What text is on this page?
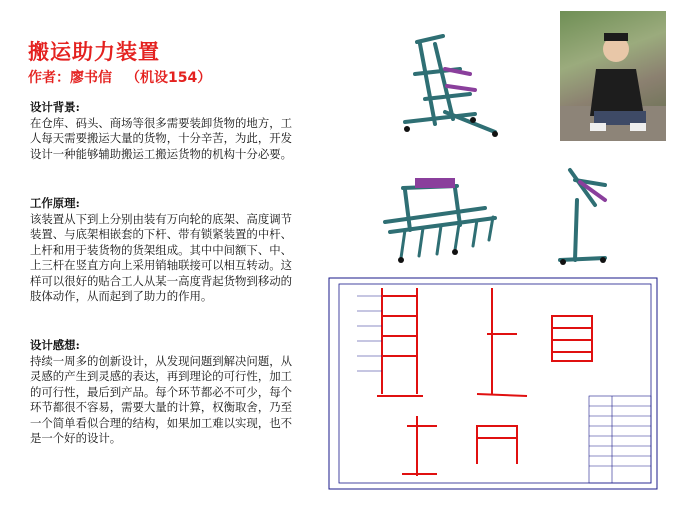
搬运助力装置
作者：廖书信 （机设154）
设计背景:
在仓库、码头、商场等很多需要装卸货物的地方，工人每天需要搬运大量的货物，十分辛苦，为此，开发设计一种能够辅助搬运工搬运货物的机构十分必要。
工作原理:
该装置从下到上分别由装有万向轮的底架、高度调节装置、与底架相嵌套的下杆、带有锁紧装置的中杆、上杆和用于装货物的货架组成。其中中间额下、中、上三杆在竖直方向上采用销轴联接可以相互转动。这样可以很好的贴合工人从某一高度背起货物到移动的肢体动作，从而起到了助力的作用。
设计感想:
持续一周多的创新设计，从发现问题到解决问题，从灵感的产生到灵感的表达，再到理论的可行性，加工的可行性，最后到产品。每个环节都必不可少，每个环节都很不容易，需要大量的计算，权衡取舍，乃至一个简单看似合理的结构，如果加工难以实现，也不是一个好的设计。
